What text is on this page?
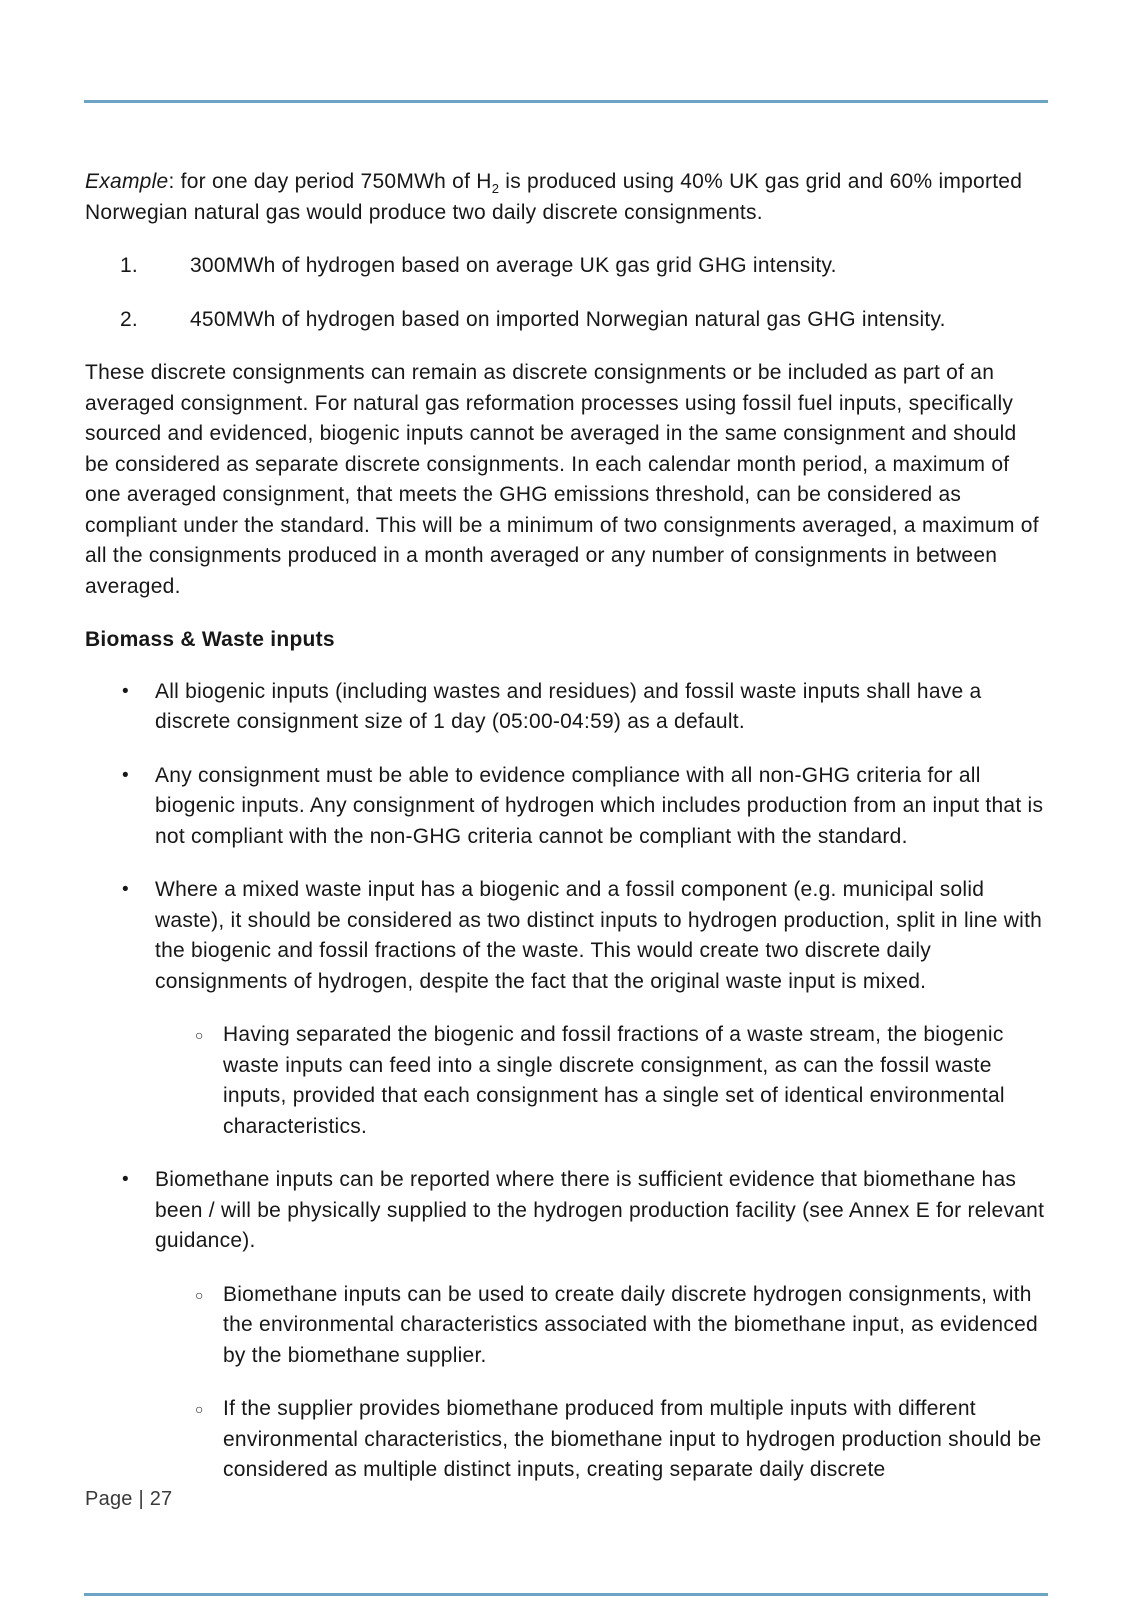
Example: for one day period 750MWh of $H_2$ is produced using 40% UK gas grid and 60% imported Norwegian natural gas would produce two daily discrete consignments.

1.	300MWh of hydrogen based on average UK gas grid GHG intensity.

2.	450MWh of hydrogen based on imported Norwegian natural gas GHG intensity.

These discrete consignments can remain as discrete consignments or be included as part of an averaged consignment. For natural gas reformation processes using fossil fuel inputs, specifically sourced and evidenced, biogenic inputs cannot be averaged in the same consignment and should be considered as separate discrete consignments. In each calendar month period, a maximum of one averaged consignment, that meets the GHG emissions threshold, can be considered as compliant under the standard. This will be a minimum of two consignments averaged, a maximum of all the consignments produced in a month averaged or any number of consignments in between averaged.

Biomass & Waste inputs

•	All biogenic inputs (including wastes and residues) and fossil waste inputs shall have a discrete consignment size of 1 day (05:00-04:59) as a default.

•	Any consignment must be able to evidence compliance with all non-GHG criteria for all biogenic inputs. Any consignment of hydrogen which includes production from an input that is not compliant with the non-GHG criteria cannot be compliant with the standard.

•	Where a mixed waste input has a biogenic and a fossil component (e.g. municipal solid waste), it should be considered as two distinct inputs to hydrogen production, split in line with the biogenic and fossil fractions of the waste. This would create two discrete daily consignments of hydrogen, despite the fact that the original waste input is mixed.

○ Having separated the biogenic and fossil fractions of a waste stream, the biogenic waste inputs can feed into a single discrete consignment, as can the fossil waste inputs, provided that each consignment has a single set of identical environmental characteristics.

•	Biomethane inputs can be reported where there is sufficient evidence that biomethane has been / will be physically supplied to the hydrogen production facility (see Annex E for relevant guidance).

○ Biomethane inputs can be used to create daily discrete hydrogen consignments, with the environmental characteristics associated with the biomethane input, as evidenced by the biomethane supplier.

○ If the supplier provides biomethane produced from multiple inputs with different environmental characteristics, the biomethane input to hydrogen production should be considered as multiple distinct inputs, creating separate daily discrete

Page | 27
